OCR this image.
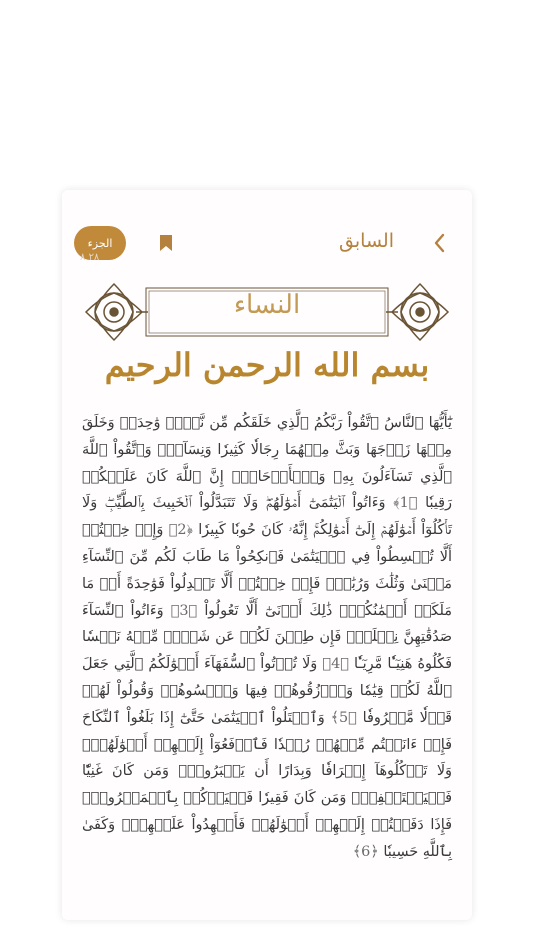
الجزء
٢٨ ٨
السابق
النساء
بسم الله الرحمن الرحيم
يَٰٓأَيُّهَا ٱلنَّاسُ ٱتَّقُواْ رَبَّكُمُ ٱلَّذِي خَلَقَكُم مِّن نَّفۡسٖ وَٰحِدَةٖ وَخَلَقَ مِنۡهَا زَوۡجَهَا وَبَثَّ مِنۡهُمَا رِجَالٗا كَثِيرٗا وَنِسَآءٗۚ وَٱتَّقُواْ ٱللَّهَ ٱلَّذِي تَسَآءَلُونَ بِهِۦ وَٱلۡأَرۡحَامَۚ إِنَّ ٱللَّهَ كَانَ عَلَيۡكُمۡ رَقِيبٗا ﴿1﴾ وَءَاتُواْ ٱلۡيَتَٰمَىٰٓ أَمۡوَٰلَهُمۡۖ وَلَا تَتَبَدَّلُواْ ٱلۡخَبِيثَ بِٱلطَّيِّبِۖ وَلَا تَأۡكُلُوٓاْ أَمۡوَٰلَهُمۡ إِلَىٰٓ أَمۡوَٰلِكُمۡۚ إِنَّهُۥ كَانَ حُوبٗا كَبِيرٗا ﴿2﴾ وَإِنۡ خِفۡتُمۡ أَلَّا تُقۡسِطُواْ فِي ٱلۡيَتَٰمَىٰ فَٱنكِحُواْ مَا طَابَ لَكُم مِّنَ ٱلنِّسَآءِ مَثۡنَىٰ وَثُلَٰثَ وَرُبَٰعَۖ فَإِنۡ خِفۡتُمۡ أَلَّا تَعۡدِلُواْ فَوَٰحِدَةً أَوۡ مَا مَلَكَتۡ أَيۡمَٰنُكُمۡۚ ذَٰلِكَ أَدۡنَىٰٓ أَلَّا تَعُولُواْ ﴿3﴾ وَءَاتُواْ ٱلنِّسَآءَ صَدُقَٰتِهِنَّ نِحۡلَةٗۚ فَإِن طِبۡنَ لَكُمۡ عَن شَيۡءٖ مِّنۡهُ نَفۡسٗا فَكُلُوهُ هَنِيٓـٔٗا مَّرِيٓـٔٗا ﴿4﴾ وَلَا تُؤۡتُواْ ٱلسُّفَهَآءَ أَمۡوَٰلَكُمُ ٱلَّتِي جَعَلَ ٱللَّهُ لَكُمۡ قِيَٰمٗا وَٱرۡزُقُوهُمۡ فِيهَا وَٱكۡسُوهُمۡ وَقُولُواْ لَهُمۡ قَوۡلٗا مَّعۡرُوفٗا ﴿5﴾ وَٱبۡتَلُواْ ٱلۡيَتَٰمَىٰ حَتَّىٰٓ إِذَا بَلَغُواْ ٱلنِّكَاحَ فَإِنۡ ءَانَسۡتُم مِّنۡهُمۡ رُشۡدٗا فَٱدۡفَعُوٓاْ إِلَيۡهِمۡ أَمۡوَٰلَهُمۡۖ وَلَا تَأۡكُلُوهَآ إِسۡرَافٗا وَبِدَارًا أَن يَكۡبَرُواْۚ وَمَن كَانَ غَنِيّٗا فَلۡيَسۡتَعۡفِفۡۖ وَمَن كَانَ فَقِيرٗا فَلۡيَأۡكُلۡ بِٱلۡمَعۡرُوفِۚ فَإِذَا دَفَعۡتُمۡ إِلَيۡهِمۡ أَمۡوَٰلَهُمۡ فَأَشۡهِدُواْ عَلَيۡهِمۡۚ وَكَفَىٰ بِٱللَّهِ حَسِيبٗا ﴿6﴾
